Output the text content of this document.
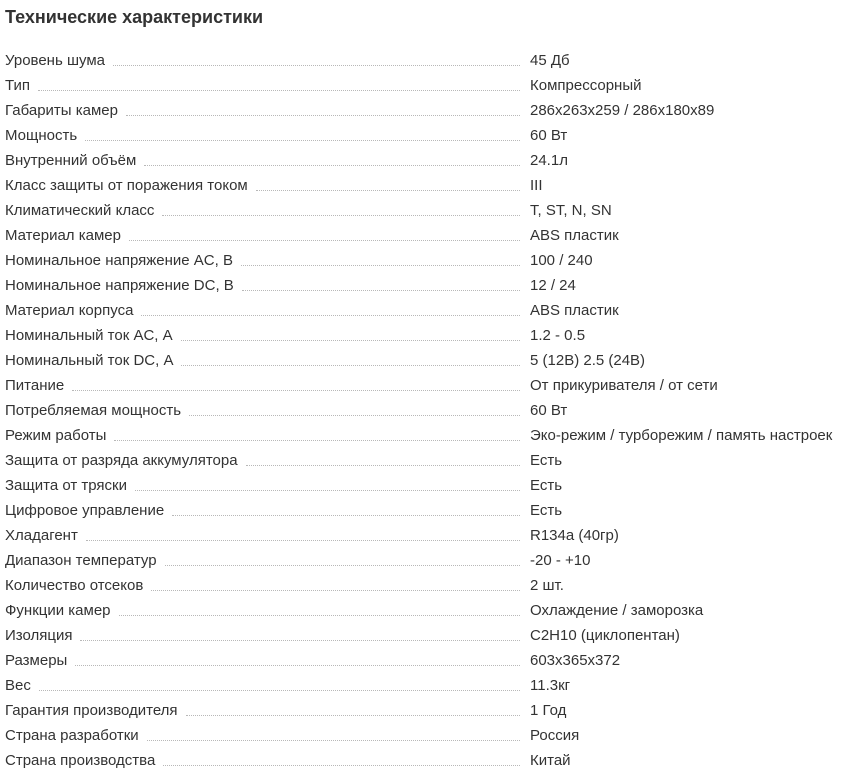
Технические характеристики
Уровень шума	45 Дб
Тип	Компрессорный
Габариты камер	286х263х259 / 286х180х89
Мощность	60 Вт
Внутренний объём	24.1л
Класс защиты от поражения током	III
Климатический класс	T, ST, N, SN
Материал камер	ABS пластик
Номинальное напряжение AC, В	100 / 240
Номинальное напряжение DC, В	12 / 24
Материал корпуса	ABS пластик
Номинальный ток AC, А	1.2 - 0.5
Номинальный ток DC, А	5 (12В) 2.5 (24В)
Питание	От прикуривателя / от сети
Потребляемая мощность	60 Вт
Режим работы	Эко-режим / турборежим / память настроек
Защита от разряда аккумулятора	Есть
Защита от тряски	Есть
Цифровое управление	Есть
Хладагент	R134a (40гр)
Диапазон температур	-20 - +10
Количество отсеков	2 шт.
Функции камер	Охлаждение / заморозка
Изоляция	C2H10 (циклопентан)
Размеры	603х365х372
Вес	11.3кг
Гарантия производителя	1 Год
Страна разработки	Россия
Страна производства	Китай
